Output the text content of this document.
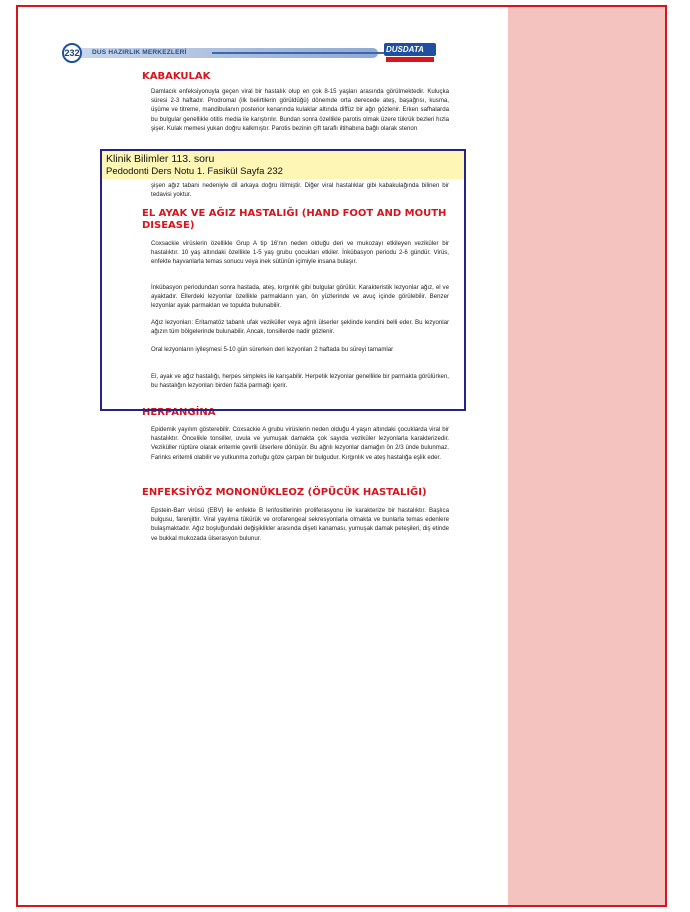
232	DUS HAZIRLIK MERKEZLERİ	DUSDATA
KABAKULAK

Damlacık enfeksiyonuyla geçen viral bir hastalık olup en çok 8-15 yaşları arasında görülmektedir. Kuluçka süresi 2-3 haftadır. Prodromal (ilk belirtilerin görüldüğü) dönemde orta derecede ateş, başağrısı, kusma, üşüme ve titreme, mandibulanın posterior kenarında kulaklar altında diffüz bir ağrı gözlenir. Erken safhalarda bu bulgular genellikle otitis media ile karıştırılır. Bundan sonra özellikle parotis olmak üzere tükrük bezleri hızla şişer. Kulak memesi yukarı doğru kalkmıştır. Parotis bezinin çift taraflı iltihabına bağlı olarak stenon

şişen ağız tabanı nedeniyle dil arkaya doğru itilmiştir. Diğer viral hastalıklar gibi kabakulağında bilinen bir tedavisi yoktur.

EL AYAK VE AĞIZ HASTALIĞI (HAND FOOT AND MOUTH
DISEASE)

Coxsackie virüslerin özellikle Grup A tip 16'nın neden olduğu deri ve mukozayı etkileyen veziküler bir hastalıktır. 10 yaş altındaki özellikle 1-5 yaş grubu çocukları etkiler. İnkübasyon periodu 2-6 gündür. Virüs, enfekte hayvanlarla temas sonucu veya inek sütünün içimiyle insana bulaşır.

İnkübasyon periodundan sonra hastada, ateş, kırgınlık gibi bulgular görülür. Karakteristik lezyonlar ağız, el ve ayaktadır. Ellerdeki lezyonlar özellikle parmakların yan, ön yüzlerinde ve avuç içinde görülebilir. Benzer lezyonlar ayak parmakları ve topukta bulunabilir.

Ağız lezyonları: Eritamatöz tabanlı ufak veziküller veya ağrılı ülserler şeklinde kendini belli eder. Bu lezyonlar ağızın tüm bölgelerinde bulunabilir. Ancak, tonsillerde nadir gözlenir.

Oral lezyonların iyileşmesi 5-10 gün sürerken deri lezyonları 2 haftada bu süreyi tamamlar

El, ayak ve ağız hastalığı, herpes simpleks ile karışabilir. Herpetik lezyonlar genellikle bir parmakta görülürken, bu hastalığın lezyonları birden fazla parmağı içerir.

HERPANGİNA

Epidemik yayılım gösterebilir. Coxsackie A grubu virüslerin neden olduğu 4 yaşın altındaki çocuklarda viral bir hastalıktır. Öncelikle tonsiller, uvula ve yumuşak damakta çok sayıda veziküler lezyonlarla karakterizedir. Veziküller rüptüre olarak eritemle çevrili ülserlere dönüşür. Bu ağrılı lezyonlar damağın ön 2/3 ünde bulunmaz. Farinks eritemli olabilir ve yutkunma zorluğu göze çarpan bir bulgudur. Kırgınlık ve ateş hastalığa eşlik eder.

ENFEKSİYÖZ MONONÜKLEOZ (ÖPÜCÜK HASTALIĞI)

Epstein-Barr virüsü (EBV) ile enfekte B lenfositlerinin proliferasyonu ile karakterize bir hastalıktır. Başlıca bulgusu, farenjittir. Viral yayılma tükürük ve orofarengeal sekresyonlarla olmakta ve bunlarla temas edenlere bulaşmaktadır. Ağız boşluğundaki değişiklikler arasında dişeti kanaması, yumuşak damak peteşileri, diş etinde ve bukkal mukozada ülserasyon bulunur.

Klinik Bilimler 113. soru
Pedodonti Ders Notu 1. Fasikül Sayfa 232
